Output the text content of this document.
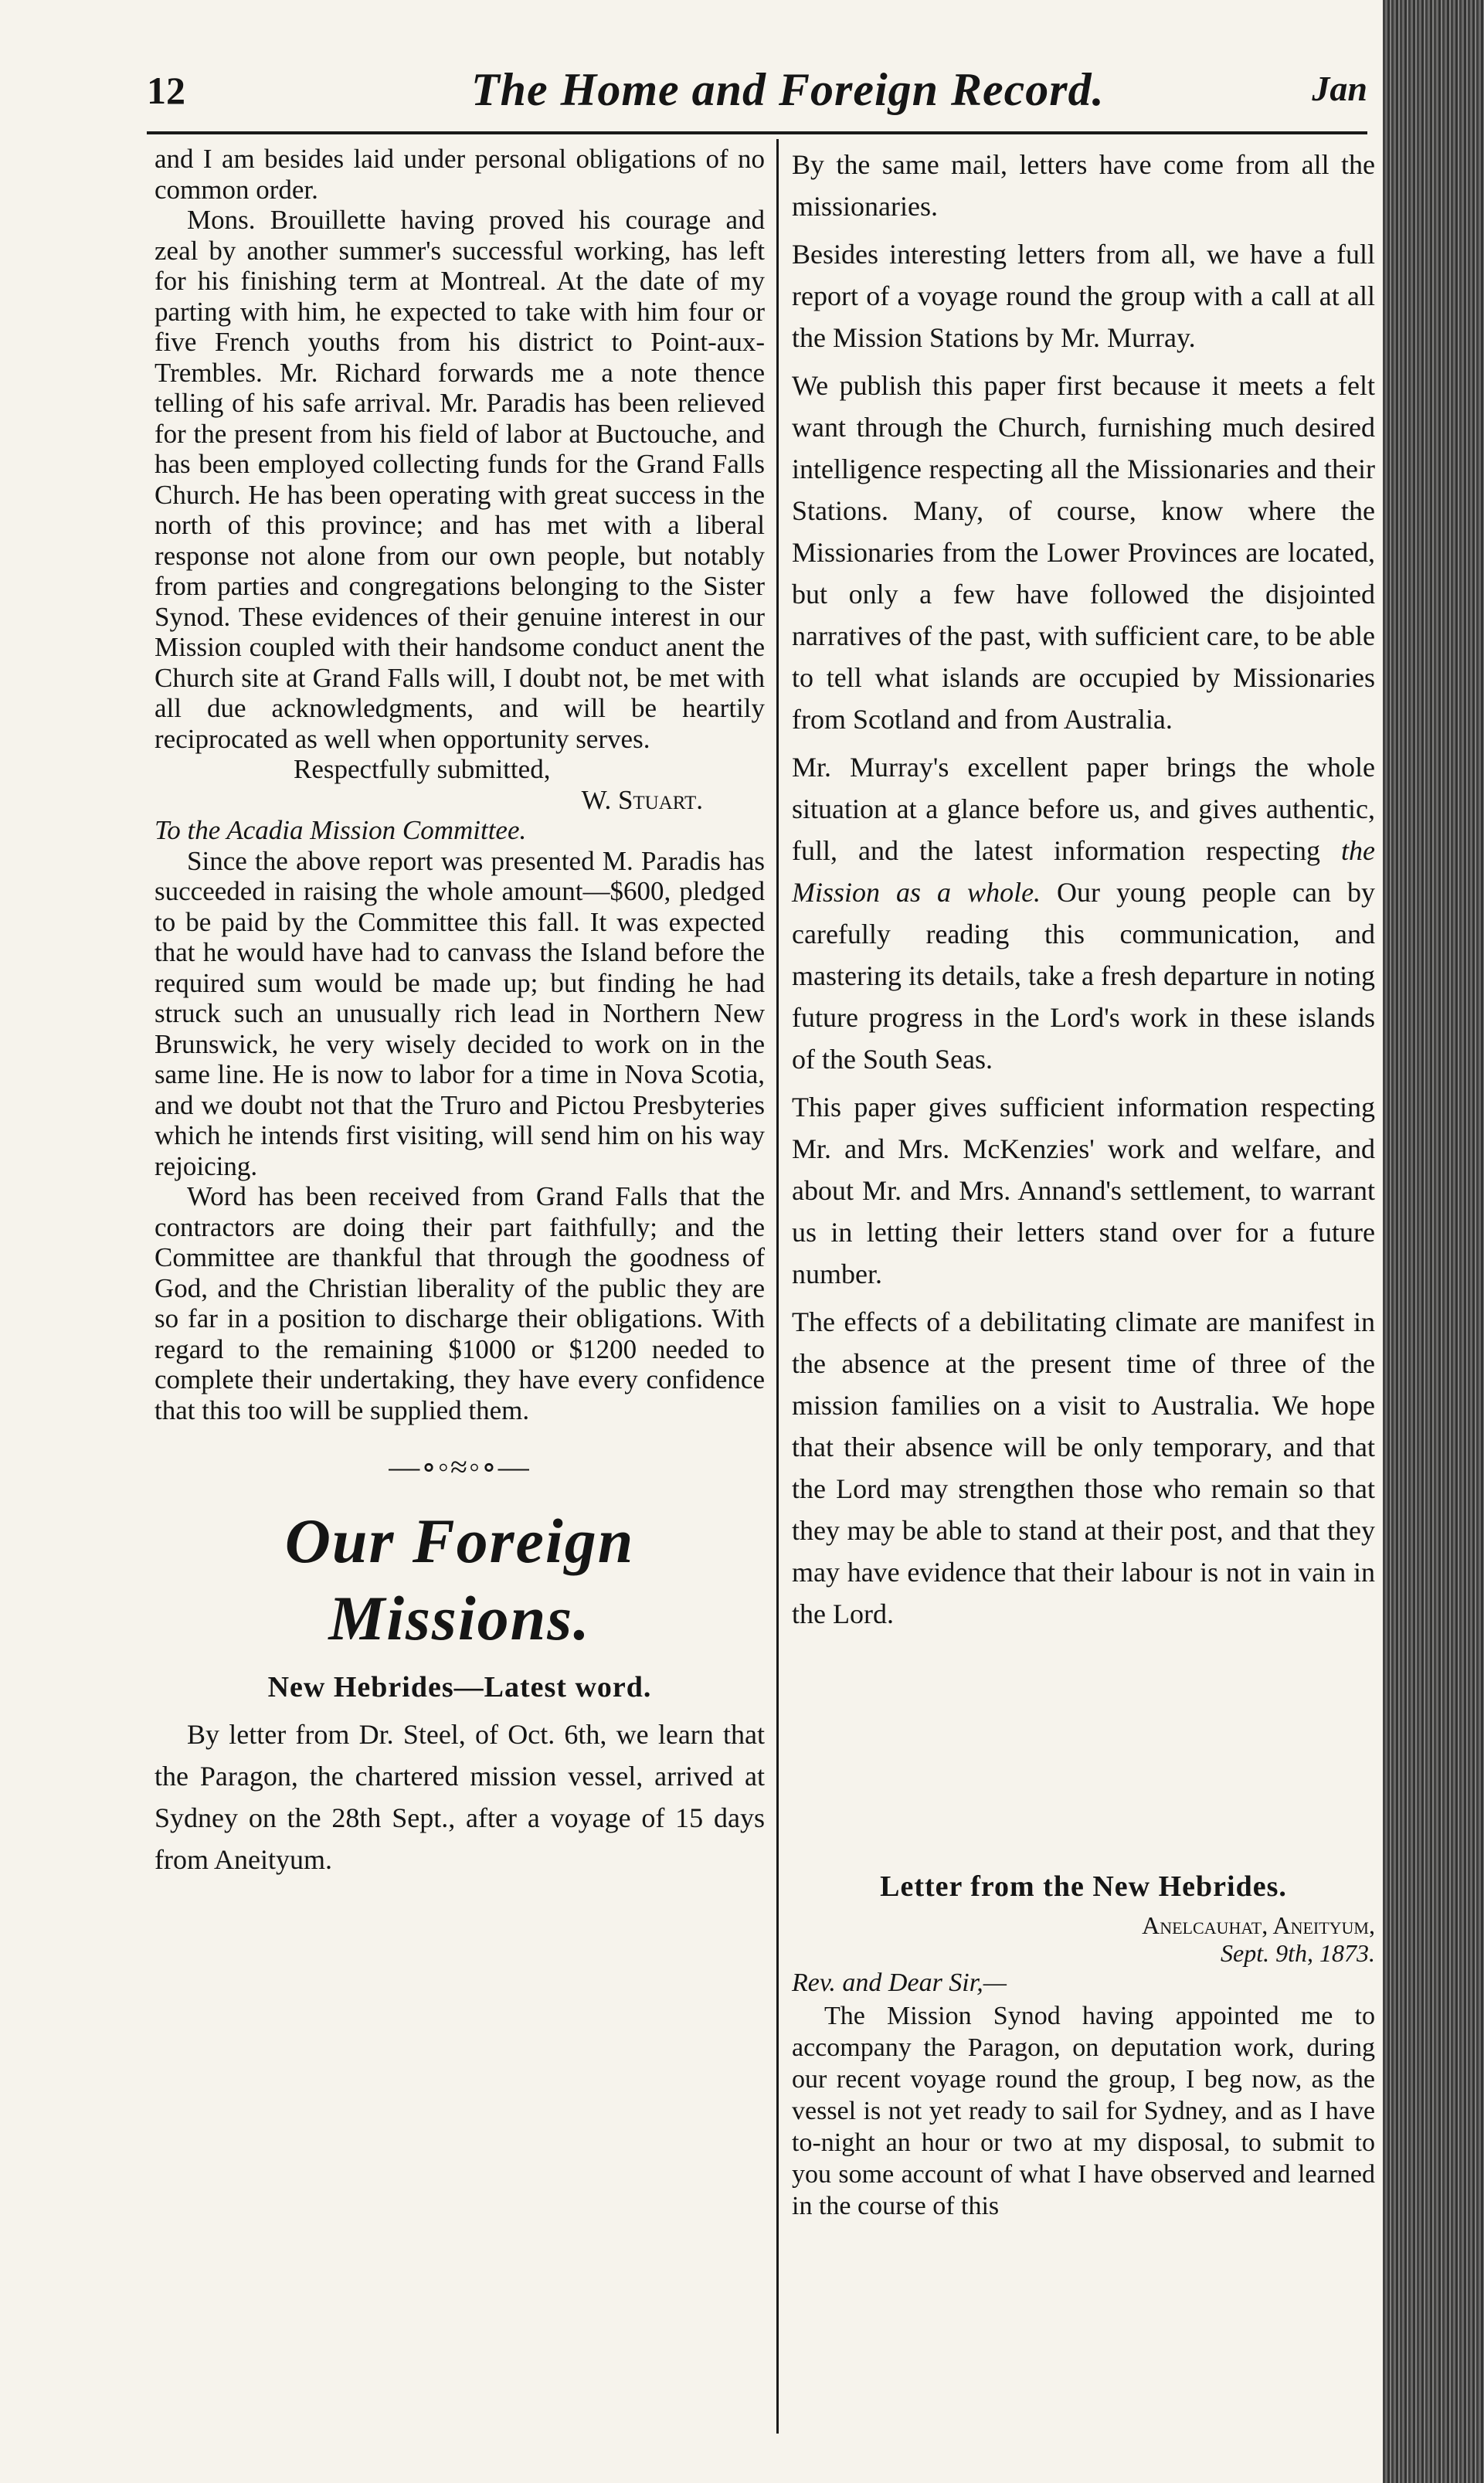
12	The Home and Foreign Record.	Jan

and I am besides laid under personal obligations of no common order.

Mons. Brouillette having proved his courage and zeal by another summer's successful working, has left for his finishing term at Montreal. At the date of my parting with him, he expected to take with him four or five French youths from his district to Point-aux-Trembles. Mr. Richard forwards me a note thence telling of his safe arrival. Mr. Paradis has been relieved for the present from his field of labor at Buctouche, and has been employed collecting funds for the Grand Falls Church. He has been operating with great success in the north of this province; and has met with a liberal response not alone from our own people, but notably from parties and congregations belonging to the Sister Synod. These evidences of their genuine interest in our Mission coupled with their handsome conduct anent the Church site at Grand Falls will, I doubt not, be met with all due acknowledgments, and will be heartily reciprocated as well when opportunity serves.

Respectfully submitted,

W. Stuart.

To the Acadia Mission Committee.

Since the above report was presented M. Paradis has succeeded in raising the whole amount—$600, pledged to be paid by the Committee this fall. It was expected that he would have had to canvass the Island before the required sum would be made up; but finding he had struck such an unusually rich lead in Northern New Brunswick, he very wisely decided to work on in the same line. He is now to labor for a time in Nova Scotia, and we doubt not that the Truro and Pictou Presbyteries which he intends first visiting, will send him on his way rejoicing.

Word has been received from Grand Falls that the contractors are doing their part faithfully; and the Committee are thankful that through the goodness of God, and the Christian liberality of the public they are so far in a position to discharge their obligations. With regard to the remaining $1000 or $1200 needed to complete their undertaking, they have every confidence that this too will be supplied them.

—∘◦≈◦∘—
Our Foreign Missions.
New Hebrides—Latest word.

By letter from Dr. Steel, of Oct. 6th, we learn that the Paragon, the chartered mission vessel, arrived at Sydney on the 28th Sept., after a voyage of 15 days from Aneityum.

By the same mail, letters have come from all the missionaries.

Besides interesting letters from all, we have a full report of a voyage round the group with a call at all the Mission Stations by Mr. Murray.

We publish this paper first because it meets a felt want through the Church, furnishing much desired intelligence respecting all the Missionaries and their Stations. Many, of course, know where the Missionaries from the Lower Provinces are located, but only a few have followed the disjointed narratives of the past, with sufficient care, to be able to tell what islands are occupied by Missionaries from Scotland and from Australia.

Mr. Murray's excellent paper brings the whole situation at a glance before us, and gives authentic, full, and the latest information respecting the Mission as a whole. Our young people can by carefully reading this communication, and mastering its details, take a fresh departure in noting future progress in the Lord's work in these islands of the South Seas.

This paper gives sufficient information respecting Mr. and Mrs. McKenzies' work and welfare, and about Mr. and Mrs. Annand's settlement, to warrant us in letting their letters stand over for a future number.

The effects of a debilitating climate are manifest in the absence at the present time of three of the mission families on a visit to Australia. We hope that their absence will be only temporary, and that the Lord may strengthen those who remain so that they may be able to stand at their post, and that they may have evidence that their labour is not in vain in the Lord.

Letter from the New Hebrides.
Anelcauhat, Aneityum,
Sept. 9th, 1873.

Rev. and Dear Sir,—

The Mission Synod having appointed me to accompany the Paragon, on deputation work, during our recent voyage round the group, I beg now, as the vessel is not yet ready to sail for Sydney, and as I have to-night an hour or two at my disposal, to submit to you some account of what I have observed and learned in the course of this
